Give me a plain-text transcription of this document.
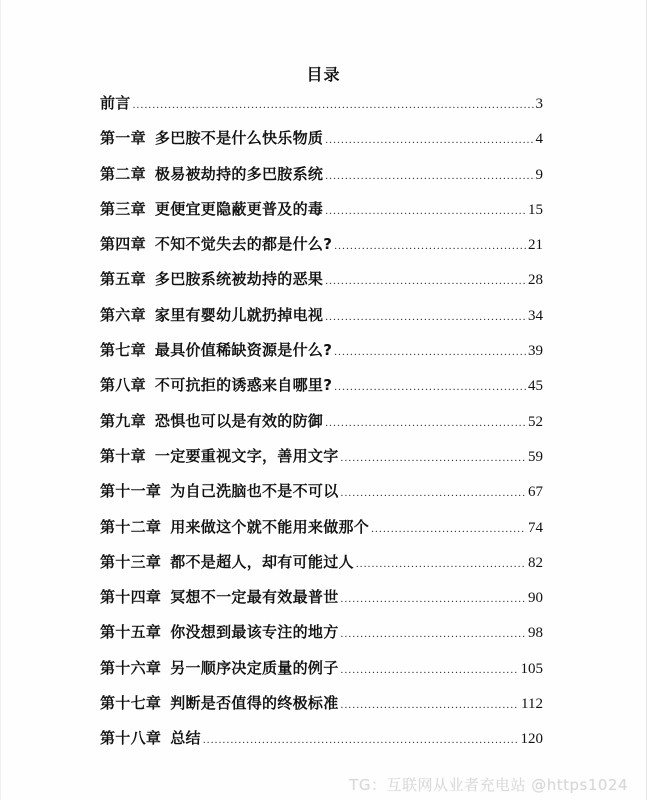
目录
前言 .....	3
第一章 多巴胺不是什么快乐物质 .....	4
第二章 极易被劫持的多巴胺系统 .....	9
第三章 更便宜更隐蔽更普及的毒 .....	15
第四章 不知不觉失去的都是什么? .....	21
第五章 多巴胺系统被劫持的恶果 .....	28
第六章 家里有婴幼儿就扔掉电视 .....	34
第七章 最具价值稀缺资源是什么? .....	39
第八章 不可抗拒的诱惑来自哪里? .....	45
第九章 恐惧也可以是有效的防御 .....	52
第十章 一定要重视文字，善用文字 .....	59
第十一章 为自己洗脑也不是不可以 .....	67
第十二章 用来做这个就不能用来做那个 .....	74
第十三章 都不是超人，却有可能过人 .....	82
第十四章 冥想不一定最有效最普世 .....	90
第十五章 你没想到最该专注的地方 .....	98
第十六章 另一顺序决定质量的例子 .....	105
第十七章 判断是否值得的终极标准 .....	112
第十八章 总结 .....	120
TG：互联网从业者充电站 @https1024
